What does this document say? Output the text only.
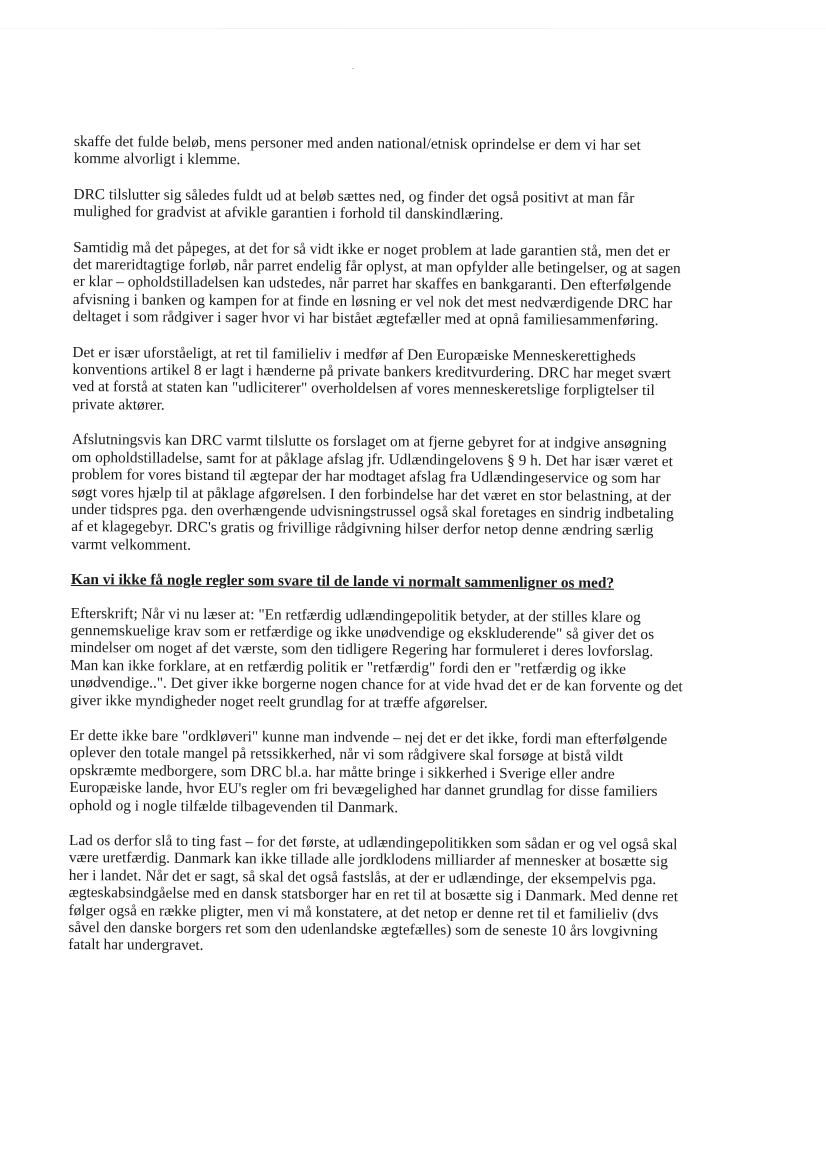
skaffe det fulde beløb, mens personer med anden national/etnisk oprindelse er dem vi har set
komme alvorligt i klemme.

DRC tilslutter sig således fuldt ud at beløb sættes ned, og finder det også positivt at man får
mulighed for gradvist at afvikle garantien i forhold til danskindlæring.

Samtidig må det påpeges, at det for så vidt ikke er noget problem at lade garantien stå, men det er
det mareridtagtige forløb, når parret endelig får oplyst, at man opfylder alle betingelser, og at sagen
er klar – opholdstilladelsen kan udstedes, når parret har skaffes en bankgaranti. Den efterfølgende
afvisning i banken og kampen for at finde en løsning er vel nok det mest nedværdigende DRC har
deltaget i som rådgiver i sager hvor vi har bistået ægtefæller med at opnå familiesammenføring.

Det er især uforståeligt, at ret til familieliv i medfør af Den Europæiske Menneskerettigheds
konventions artikel 8 er lagt i hænderne på private bankers kreditvurdering. DRC har meget svært
ved at forstå at staten kan "udliciterer" overholdelsen af vores menneskeretslige forpligtelser til
private aktører.

Afslutningsvis kan DRC varmt tilslutte os forslaget om at fjerne gebyret for at indgive ansøgning
om opholdstilladelse, samt for at påklage afslag jfr. Udlændingelovens § 9 h. Det har især været et
problem for vores bistand til ægtepar der har modtaget afslag fra Udlændingeservice og som har
søgt vores hjælp til at påklage afgørelsen. I den forbindelse har det været en stor belastning, at der
under tidspres pga. den overhængende udvisningstrussel også skal foretages en sindrig indbetaling
af et klagegebyr. DRC's gratis og frivillige rådgivning hilser derfor netop denne ændring særlig
varmt velkomment.

Kan vi ikke få nogle regler som svare til de lande vi normalt sammenligner os med?

Efterskrift; Når vi nu læser at: "En retfærdig udlændingepolitik betyder, at der stilles klare og
gennemskuelige krav som er retfærdige og ikke unødvendige og ekskluderende" så giver det os
mindelser om noget af det værste, som den tidligere Regering har formuleret i deres lovforslag.
Man kan ikke forklare, at en retfærdig politik er "retfærdig" fordi den er "retfærdig og ikke
unødvendige..". Det giver ikke borgerne nogen chance for at vide hvad det er de kan forvente og det
giver ikke myndigheder noget reelt grundlag for at træffe afgørelser.

Er dette ikke bare "ordkløveri" kunne man indvende – nej det er det ikke, fordi man efterfølgende
oplever den totale mangel på retssikkerhed, når vi som rådgivere skal forsøge at bistå vildt
opskræmte medborgere, som DRC bl.a. har måtte bringe i sikkerhed i Sverige eller andre
Europæiske lande, hvor EU's regler om fri bevægelighed har dannet grundlag for disse familiers
ophold og i nogle tilfælde tilbagevenden til Danmark.

Lad os derfor slå to ting fast – for det første, at udlændingepolitikken som sådan er og vel også skal
være uretfærdig. Danmark kan ikke tillade alle jordklodens milliarder af mennesker at bosætte sig
her i landet. Når det er sagt, så skal det også fastslås, at der er udlændinge, der eksempelvis pga.
ægteskabsindgåelse med en dansk statsborger har en ret til at bosætte sig i Danmark. Med denne ret
følger også en række pligter, men vi må konstatere, at det netop er denne ret til et familieliv (dvs
såvel den danske borgers ret som den udenlandske ægtefælles) som de seneste 10 års lovgivning
fatalt har undergravet.
